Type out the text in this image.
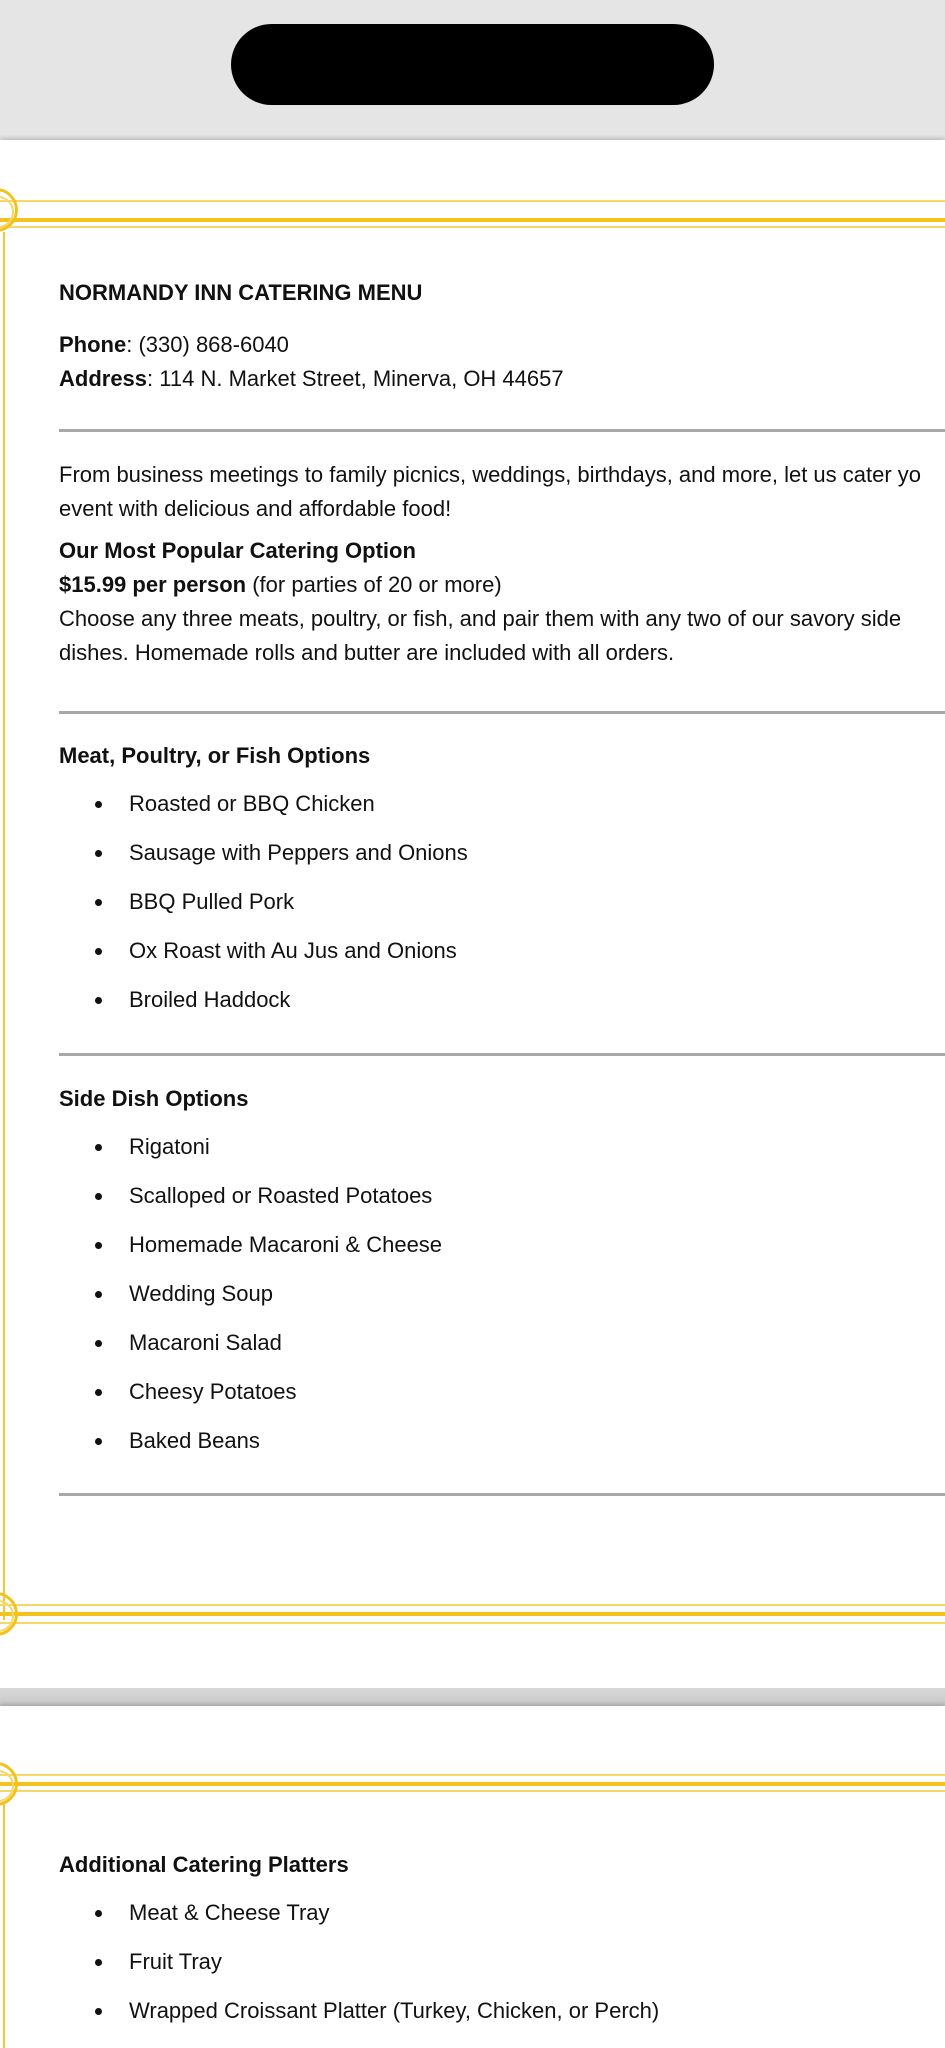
NORMANDY INN CATERING MENU
Phone: (330) 868-6040
Address: 114 N. Market Street, Minerva, OH 44657
From business meetings to family picnics, weddings, birthdays, and more, let us cater yo
event with delicious and affordable food!
Our Most Popular Catering Option
$15.99 per person (for parties of 20 or more)
Choose any three meats, poultry, or fish, and pair them with any two of our savory side
dishes. Homemade rolls and butter are included with all orders.
Meat, Poultry, or Fish Options
Roasted or BBQ Chicken
Sausage with Peppers and Onions
BBQ Pulled Pork
Ox Roast with Au Jus and Onions
Broiled Haddock
Side Dish Options
Rigatoni
Scalloped or Roasted Potatoes
Homemade Macaroni & Cheese
Wedding Soup
Macaroni Salad
Cheesy Potatoes
Baked Beans
Additional Catering Platters
Meat & Cheese Tray
Fruit Tray
Wrapped Croissant Platter (Turkey, Chicken, or Perch)
